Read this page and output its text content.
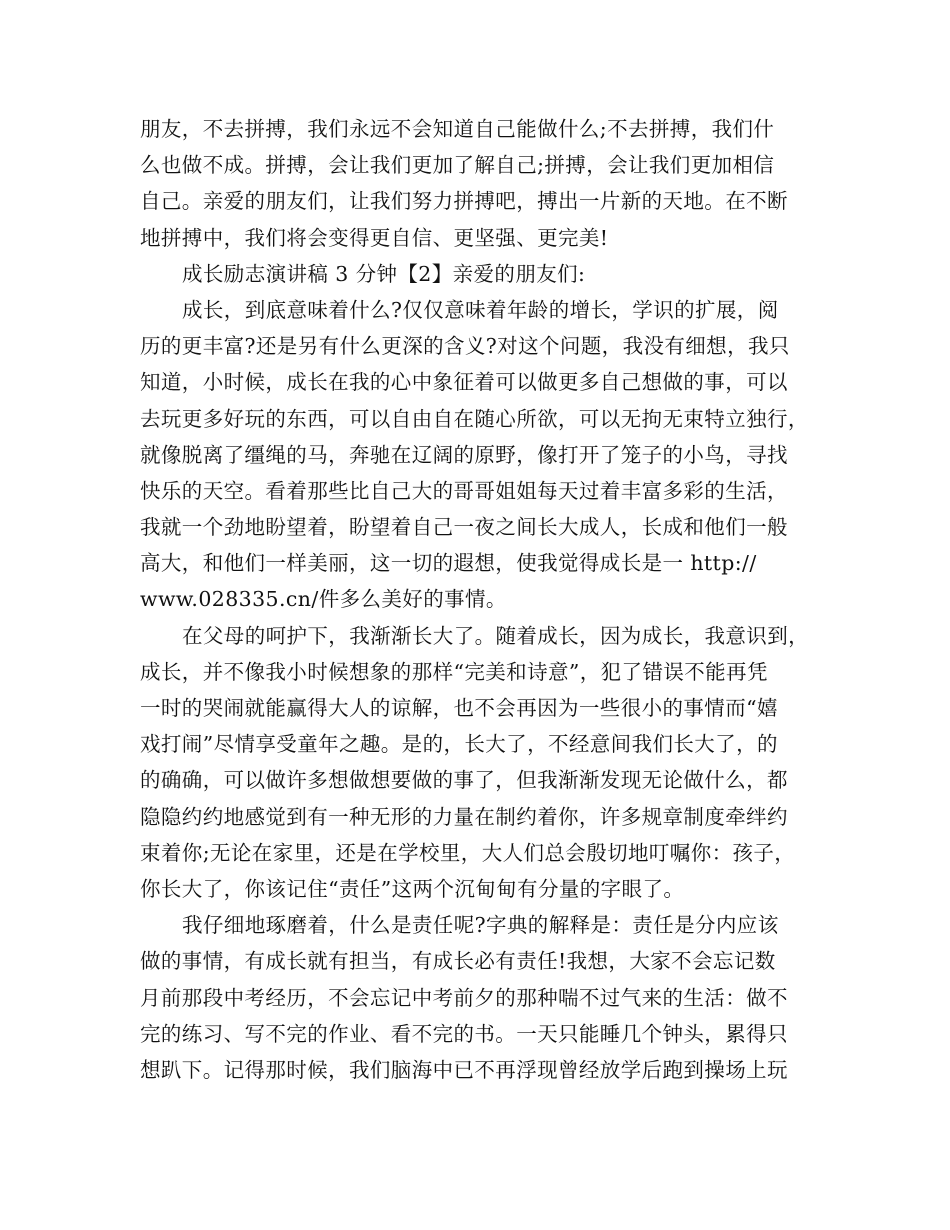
朋友，不去拼搏，我们永远不会知道自己能做什么;不去拼搏，我们什
么也做不成。拼搏，会让我们更加了解自己;拼搏，会让我们更加相信
自己。亲爱的朋友们，让我们努力拼搏吧，搏出一片新的天地。在不断
地拼搏中，我们将会变得更自信、更坚强、更完美!
成长励志演讲稿 3 分钟【2】亲爱的朋友们:
成长，到底意味着什么?仅仅意味着年龄的增长，学识的扩展，阅
历的更丰富?还是另有什么更深的含义?对这个问题，我没有细想，我只
知道，小时候，成长在我的心中象征着可以做更多自己想做的事，可以
去玩更多好玩的东西，可以自由自在随心所欲，可以无拘无束特立独行，
就像脱离了缰绳的马，奔驰在辽阔的原野，像打开了笼子的小鸟，寻找
快乐的天空。看着那些比自己大的哥哥姐姐每天过着丰富多彩的生活，
我就一个劲地盼望着，盼望着自己一夜之间长大成人，长成和他们一般
高大，和他们一样美丽，这一切的遐想，使我觉得成长是一 http://
www.028335.cn/件多么美好的事情。
在父母的呵护下，我渐渐长大了。随着成长，因为成长，我意识到，
成长，并不像我小时候想象的那样“完美和诗意”，犯了错误不能再凭
一时的哭闹就能赢得大人的谅解，也不会再因为一些很小的事情而“嬉
戏打闹”尽情享受童年之趣。是的，长大了，不经意间我们长大了，的
的确确，可以做许多想做想要做的事了，但我渐渐发现无论做什么，都
隐隐约约地感觉到有一种无形的力量在制约着你，许多规章制度牵绊约
束着你;无论在家里，还是在学校里，大人们总会殷切地叮嘱你：孩子，
你长大了，你该记住“责任”这两个沉甸甸有分量的字眼了。
我仔细地琢磨着，什么是责任呢?字典的解释是：责任是分内应该
做的事情，有成长就有担当，有成长必有责任!我想，大家不会忘记数
月前那段中考经历，不会忘记中考前夕的那种喘不过气来的生活：做不
完的练习、写不完的作业、看不完的书。一天只能睡几个钟头，累得只
想趴下。记得那时候，我们脑海中已不再浮现曾经放学后跑到操场上玩
